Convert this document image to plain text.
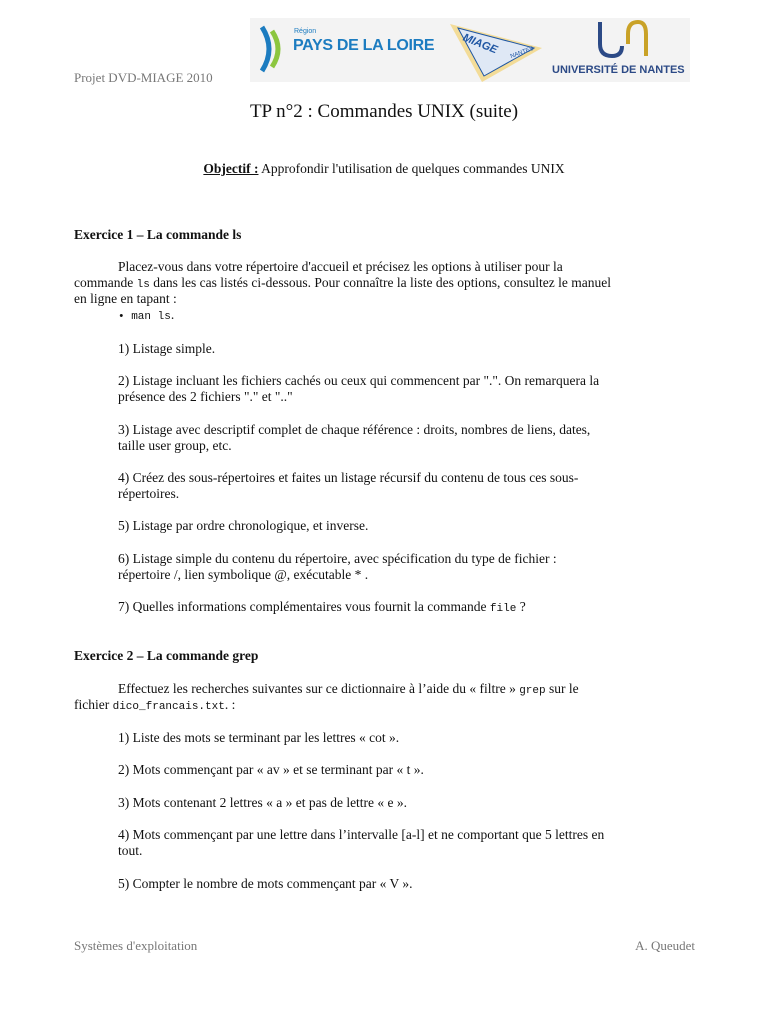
Région
PAYS DE LA LOIRE MIAGE NANTES
UNIVERSITÉ DE NANTES
Projet DVD-MIAGE 2010
TP n°2 : Commandes UNIX (suite)
Objectif : Approfondir l'utilisation de quelques commandes UNIX
Exercice 1 – La commande ls
Placez-vous dans votre répertoire d'accueil et précisez les options à utiliser pour la
commande ls dans les cas listés ci-dessous. Pour connaître la liste des options, consultez le manuel
en ligne en tapant :
• man ls.
1) Listage simple.
2) Listage incluant les fichiers cachés ou ceux qui commencent par ".". On remarquera la
présence des 2 fichiers "." et ".."
3) Listage avec descriptif complet de chaque référence : droits, nombres de liens, dates,
taille user group, etc.
4) Créez des sous-répertoires et faites un listage récursif du contenu de tous ces sous-
répertoires.
5) Listage par ordre chronologique, et inverse.
6) Listage simple du contenu du répertoire, avec spécification du type de fichier :
répertoire /, lien symbolique @, exécutable * .
7) Quelles informations complémentaires vous fournit la commande file ?
Exercice 2 – La commande grep
Effectuez les recherches suivantes sur ce dictionnaire à l’aide du « filtre » grep sur le
fichier dico_francais.txt. :
1) Liste des mots se terminant par les lettres « cot ».
2) Mots commençant par « av » et se terminant par « t ».
3) Mots contenant 2 lettres « a » et pas de lettre « e ».
4) Mots commençant par une lettre dans l’intervalle [a-l] et ne comportant que 5 lettres en
tout.
5) Compter le nombre de mots commençant par « V ».
Systèmes d'exploitation	A. Queudet
